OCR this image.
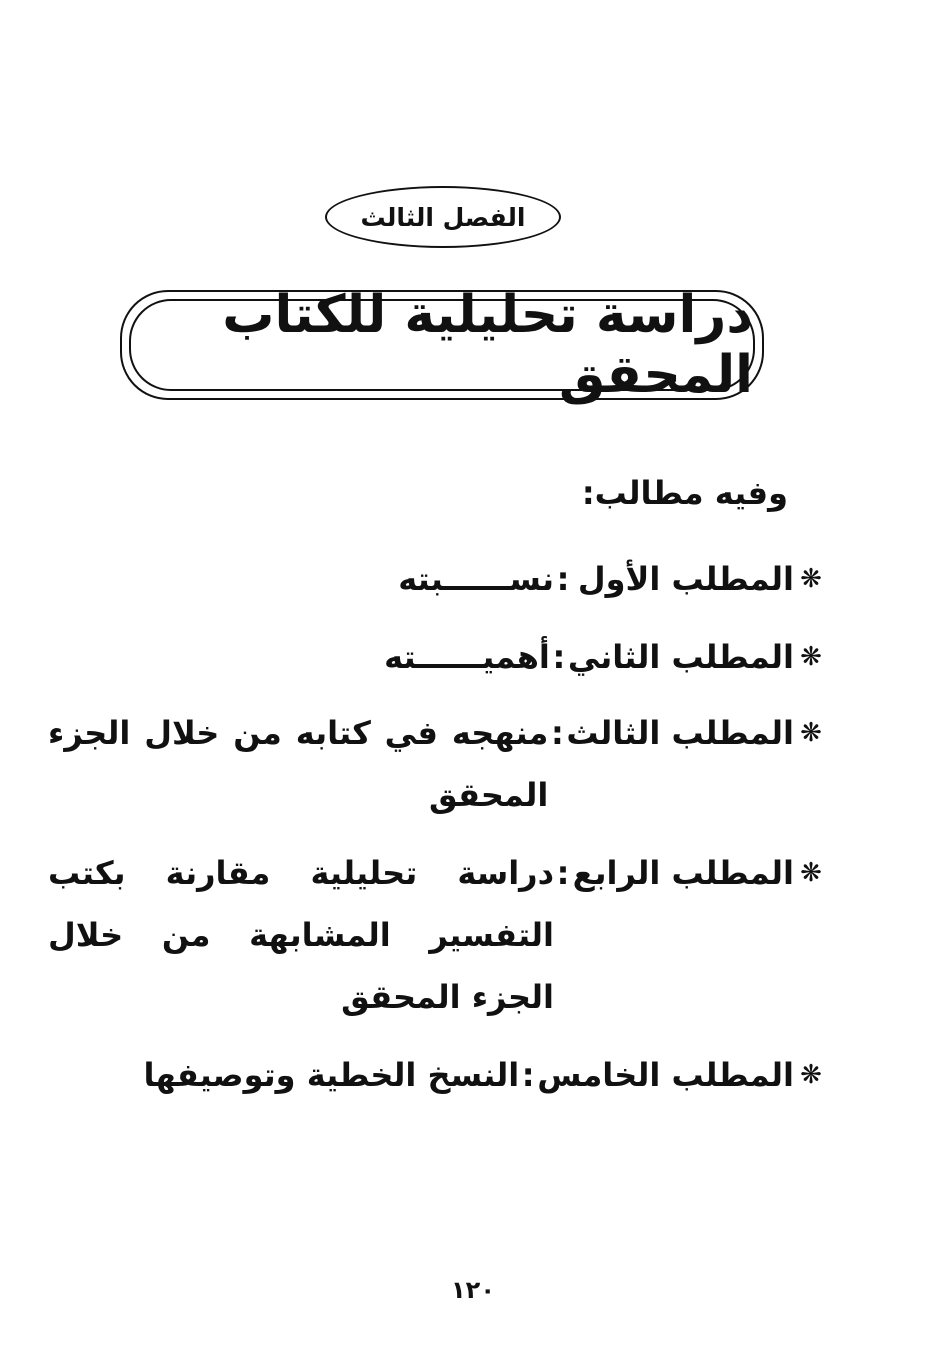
الفصل الثالث
دراسة تحليلية للكتاب المحقق
وفيه مطالب:
❋
المطلب الأول
:
نســــــبته
❋
المطلب الثاني
:
أهميــــــته
❋
المطلب الثالث
:
منهجه في كتابه من خلال الجزء المحقق
❋
المطلب الرابع
:
دراسة تحليلية مقارنة بكتب التفسير المشابهة من خلال الجزء المحقق
❋
المطلب الخامس
:
النسخ الخطية وتوصيفها
١٢٠
